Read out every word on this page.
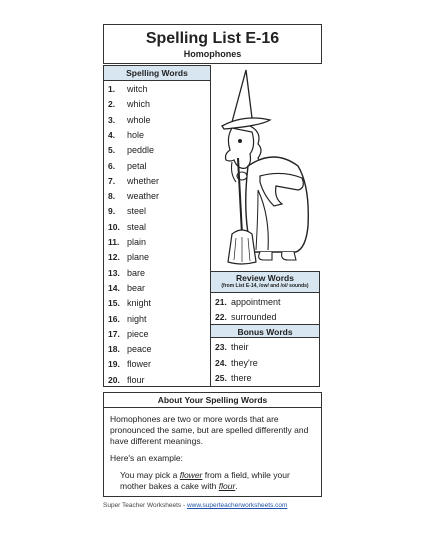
Spelling List E-16
Homophones
Spelling Words
1. witch
2. which
3. whole
4. hole
5. peddle
6. petal
7. whether
8. weather
9. steel
10. steal
11. plain
12. plane
13. bare
14. bear
15. knight
16. night
17. piece
18. peace
19. flower
20. flour
Review Words
(from List E-14, /ow/ and /oi/ sounds)
21. appointment
22. surrounded
Bonus Words
23. their
24. they're
25. there
About Your Spelling Words

Homophones are two or more words that are pronounced the same, but are spelled differently and have different meanings.

Here's an example:

You may pick a flower from a field, while your mother bakes a cake with flour.
Super Teacher Worksheets - www.superteacherworksheets.com
